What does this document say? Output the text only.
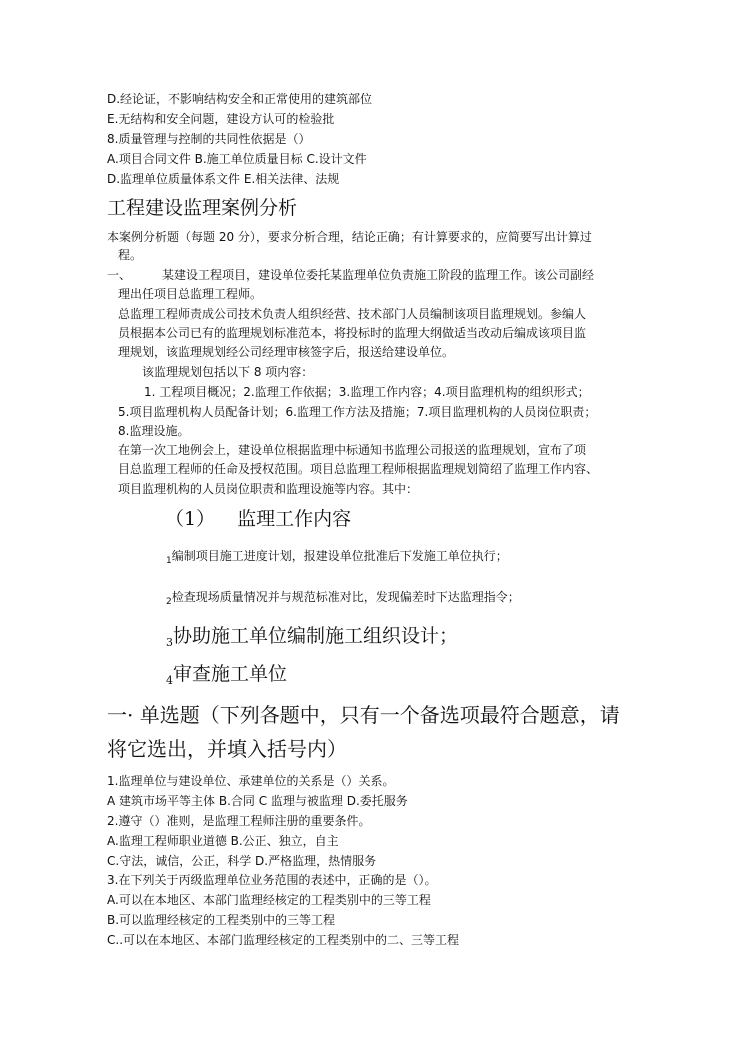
D.经论证，不影响结构安全和正常使用的建筑部位
E.无结构和安全问题，建设方认可的检验批
8.质量管理与控制的共同性依据是（）
A.项目合同文件 B.施工单位质量目标 C.设计文件
D.监理单位质量体系文件 E.相关法律、法规
工程建设监理案例分析
本案例分析题（每题 20 分），要求分析合理，结论正确；有计算要求的，应简要写出计算过
程。
一、	某建设工程项目，建设单位委托某监理单位负责施工阶段的监理工作。该公司副经
理出任项目总监理工程师。
总监理工程师责成公司技术负责人组织经营、技术部门人员编制该项目监理规划。参编人
员根据本公司已有的监理规划标准范本，将投标时的监理大纲做适当改动后编成该项目监
理规划，该监理规划经公司经理审核签字后，报送给建设单位。
该监理规划包括以下 8 项内容：
1. 工程项目概况；2.监理工作依据；3.监理工作内容；4.项目监理机构的组织形式；
5.项目监理机构人员配备计划；6.监理工作方法及措施；7.项目监理机构的人员岗位职责；
8.监理设施。
在第一次工地例会上，建设单位根据监理中标通知书监理公司报送的监理规划，宣布了项
目总监理工程师的任命及授权范围。项目总监理工程师根据监理规划简绍了监理工作内容、
项目监理机构的人员岗位职责和监理设施等内容。其中：
（1） 监理工作内容
$_1$编制项目施工进度计划，报建设单位批准后下发施工单位执行；
$_2$检查现场质量情况并与规范标准对比，发现偏差时下达监理指令；
$_3$协助施工单位编制施工组织设计；
$_4$审查施工单位
一· 单选题（下列各题中，只有一个备选项最符合题意，请
将它选出，并填入括号内）
1.监理单位与建设单位、承建单位的关系是（）关系。
A 建筑市场平等主体 B.合同 C 监理与被监理 D.委托服务
2.遵守（）准则，是监理工程师注册的重要条件。
A.监理工程师职业道德 B.公正、独立，自主
C.守法，诚信，公正，科学 D.严格监理，热情服务
3.在下列关于丙级监理单位业务范围的表述中，正确的是（）。
A.可以在本地区、本部门监理经核定的工程类别中的三等工程
B.可以监理经核定的工程类别中的三等工程
C..可以在本地区、本部门监理经核定的工程类别中的二、三等工程
